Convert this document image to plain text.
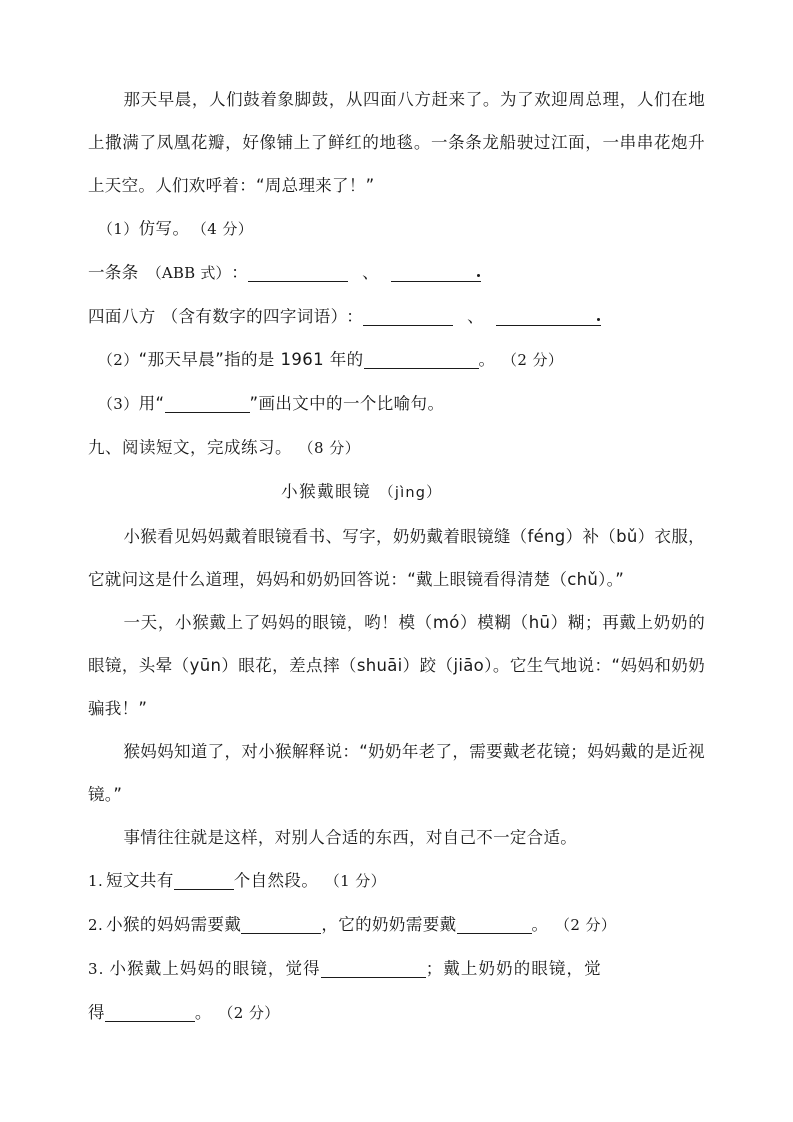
那天早晨，人们鼓着象脚鼓，从四面八方赶来了。为了欢迎周总理，人们在地上撒满了凤凰花瓣，好像铺上了鲜红的地毯。一条条龙船驶过江面，一串串花炮升上天空。人们欢呼着：“周总理来了！”
（1）仿写。 （4 分）
一条条 （ABB 式） ：	、
四面八方 （含有数字的四字词语） ：	、
（2）“那天早晨”指的是 1961 年的	。 （2 分）
（3）用“	”画出文中的一个比喻句。
九、阅读短文，完成练习。 （8 分）
小猴戴眼镜 （jìng）
小猴看见妈妈戴着眼镜看书、写字，奶奶戴着眼镜缝（féng）补（bǔ）衣服，它就问这是什么道理，妈妈和奶奶回答说：“戴上眼镜看得清楚（chǔ）。”
一天，小猴戴上了妈妈的眼镜，哟！模（mó）模糊（hū）糊；再戴上奶奶的眼镜，头晕（yūn）眼花，差点摔（shuāi）跤（jiāo）。它生气地说：“妈妈和奶奶骗我！”
猴妈妈知道了，对小猴解释说：“奶奶年老了，需要戴老花镜；妈妈戴的是近视镜。”
事情往往就是这样，对别人合适的东西，对自己不一定合适。
1. 短文共有	个自然段。 （1 分）
2. 小猴的妈妈需要戴	，它的奶奶需要戴	。 （2 分）
3. 小猴戴上妈妈的眼镜，觉得	；戴上奶奶的眼镜，觉
得	。 （2 分）
